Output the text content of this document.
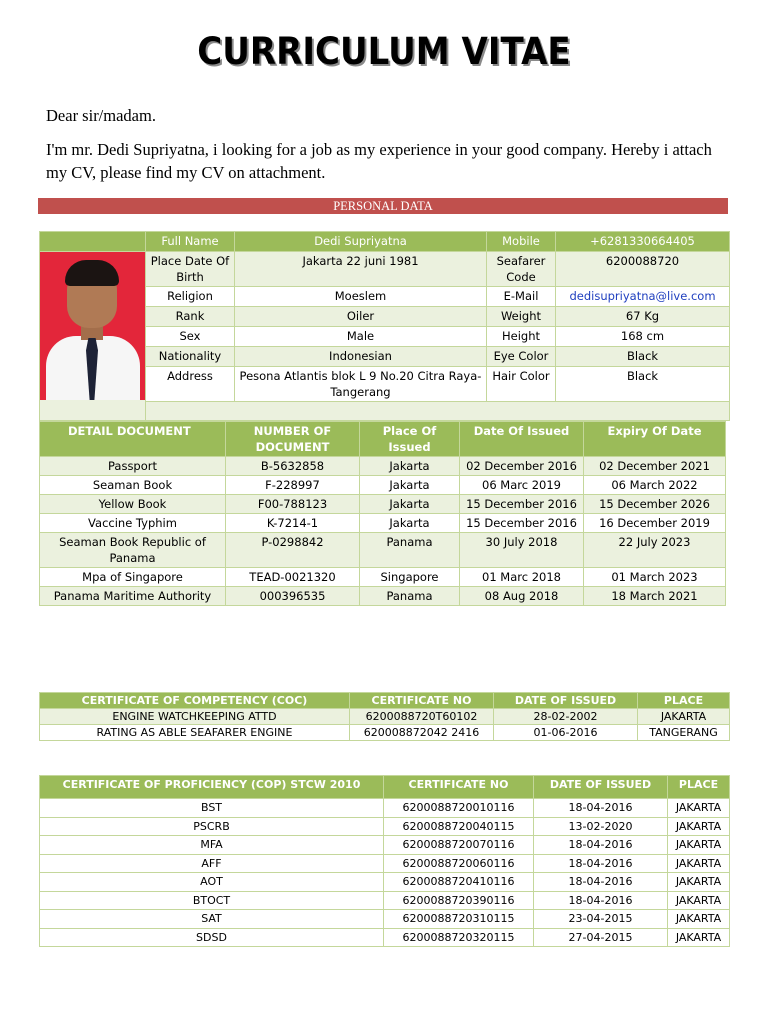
CURRICULUM VITAE
Dear sir/madam.
I'm mr. Dedi Supriyatna, i looking for a job as my experience in your good company. Hereby i attach my CV, please find my CV on attachment.
PERSONAL DATA
	Full Name	Dedi Supriyatna	Mobile	+6281330664405

	Place Date Of Birth	Jakarta 22 juni 1981	Seafarer Code	6200088720
	Religion	Moeslem	E-Mail	dedisupriyatna@live.com
	Rank	Oiler	Weight	67 Kg
	Sex	Male	Height	168 cm
	Nationality	Indonesian	Eye Color	Black
	Address	Pesona Atlantis blok L 9 No.20 Citra Raya-Tangerang	Hair Color	Black

DETAIL DOCUMENT	NUMBER OF DOCUMENT	Place Of Issued	Date Of Issued	Expiry Of Date
Passport	B-5632858	Jakarta	02 December 2016	02 December 2021
Seaman Book	F-228997	Jakarta	06 Marc 2019	06 March 2022
Yellow Book	F00-788123	Jakarta	15 December 2016	15 December 2026
Vaccine Typhim	K-7214-1	Jakarta	15 December 2016	16 December 2019
Seaman Book Republic of Panama	P-0298842	Panama	30 July 2018	22 July 2023
Mpa of Singapore	TEAD-0021320	Singapore	01 Marc 2018	01 March 2023
Panama Maritime Authority	000396535	Panama	08 Aug 2018	18 March 2021
CERTIFICATE OF COMPETENCY (COC)	CERTIFICATE NO	DATE OF ISSUED	PLACE
ENGINE WATCHKEEPING ATTD	6200088720T60102	28-02-2002	JAKARTA
RATING AS ABLE SEAFARER ENGINE	620008872042 2416	01-06-2016	TANGERANG
CERTIFICATE OF PROFICIENCY (COP) STCW 2010	CERTIFICATE NO	DATE OF ISSUED	PLACE
BST	6200088720010116	18-04-2016	JAKARTA
PSCRB	6200088720040115	13-02-2020	JAKARTA
MFA	6200088720070116	18-04-2016	JAKARTA
AFF	6200088720060116	18-04-2016	JAKARTA
AOT	6200088720410116	18-04-2016	JAKARTA
BTOCT	6200088720390116	18-04-2016	JAKARTA
SAT	6200088720310115	23-04-2015	JAKARTA
SDSD	6200088720320115	27-04-2015	JAKARTA
